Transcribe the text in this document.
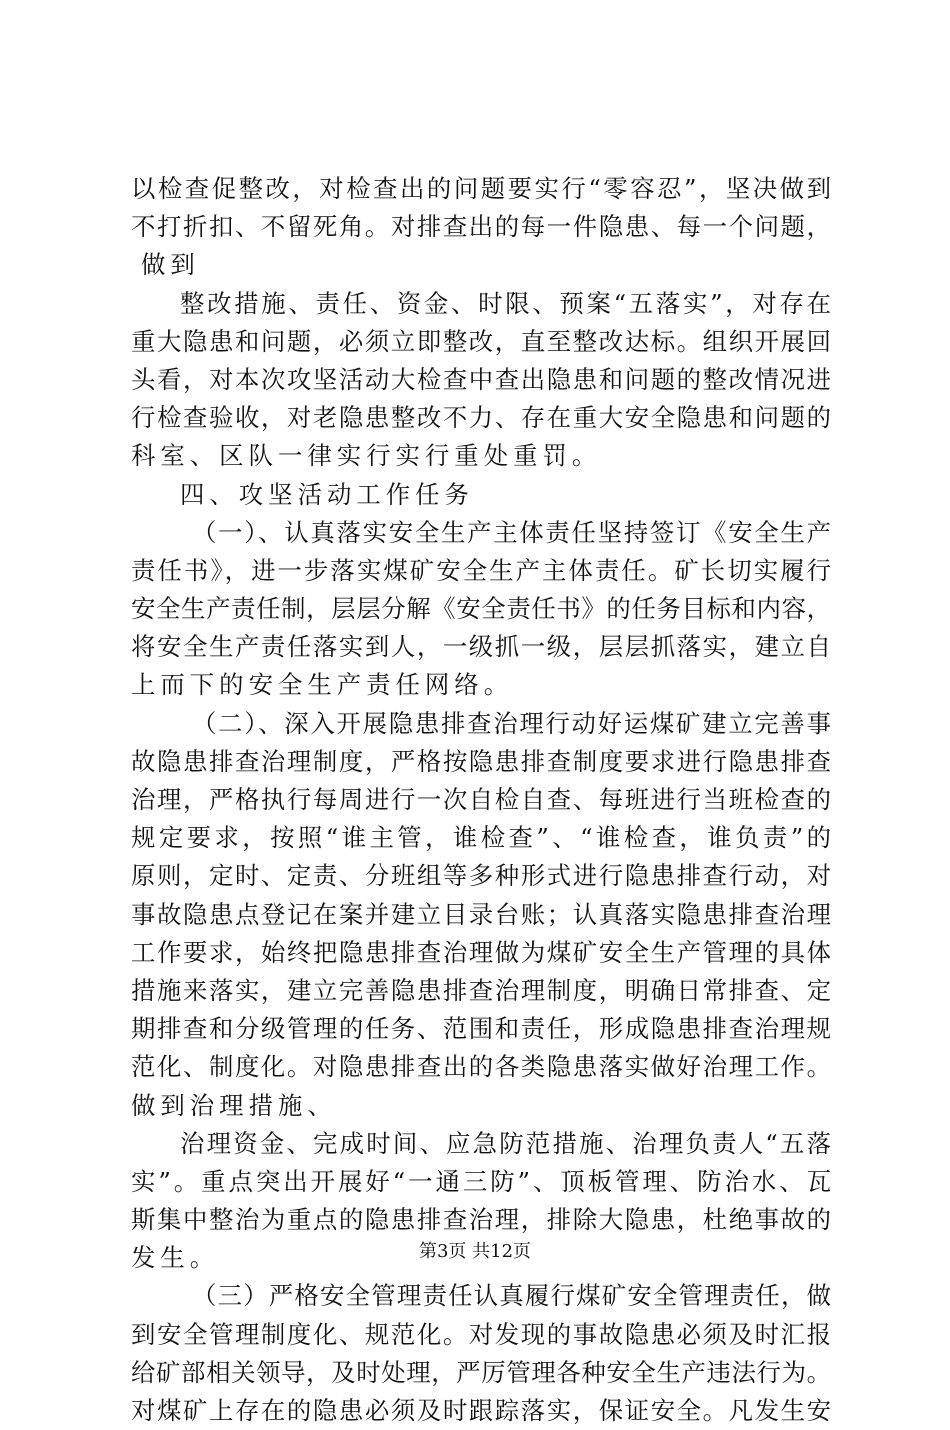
以检查促整改，对检查出的问题要实行“零容忍”，坚决做到
不打折扣、不留死角。对排查出的每一件隐患、每一个问题，
做到
整改措施、责任、资金、时限、预案“五落实”，对存在
重大隐患和问题，必须立即整改，直至整改达标。组织开展回
头看，对本次攻坚活动大检查中查出隐患和问题的整改情况进
行检查验收，对老隐患整改不力、存在重大安全隐患和问题的
科室、区队一律实行实行重处重罚。
四、攻坚活动工作任务
（一）、认真落实安全生产主体责任坚持签订《安全生产
责任书》，进一步落实煤矿安全生产主体责任。矿长切实履行
安全生产责任制，层层分解《安全责任书》的任务目标和内容，
将安全生产责任落实到人，一级抓一级，层层抓落实，建立自
上而下的安全生产责任网络。
（二）、深入开展隐患排查治理行动好运煤矿建立完善事
故隐患排查治理制度，严格按隐患排查制度要求进行隐患排查
治理，严格执行每周进行一次自检自查、每班进行当班检查的
规定要求，按照“谁主管，谁检查”、“谁检查，谁负责”的
原则，定时、定责、分班组等多种形式进行隐患排查行动，对
事故隐患点登记在案并建立目录台账；认真落实隐患排查治理
工作要求，始终把隐患排查治理做为煤矿安全生产管理的具体
措施来落实，建立完善隐患排查治理制度，明确日常排查、定
期排查和分级管理的任务、范围和责任，形成隐患排查治理规
范化、制度化。对隐患排查出的各类隐患落实做好治理工作。
做到治理措施、
治理资金、完成时间、应急防范措施、治理负责人“五落
实”。重点突出开展好“一通三防”、顶板管理、防治水、瓦
斯集中整治为重点的隐患排查治理，排除大隐患，杜绝事故的
发生。
（三）严格安全管理责任认真履行煤矿安全管理责任，做
到安全管理制度化、规范化。对发现的事故隐患必须及时汇报
给矿部相关领导，及时处理，严厉管理各种安全生产违法行为。
对煤矿上存在的隐患必须及时跟踪落实，保证安全。凡发生安
第3页 共12页
